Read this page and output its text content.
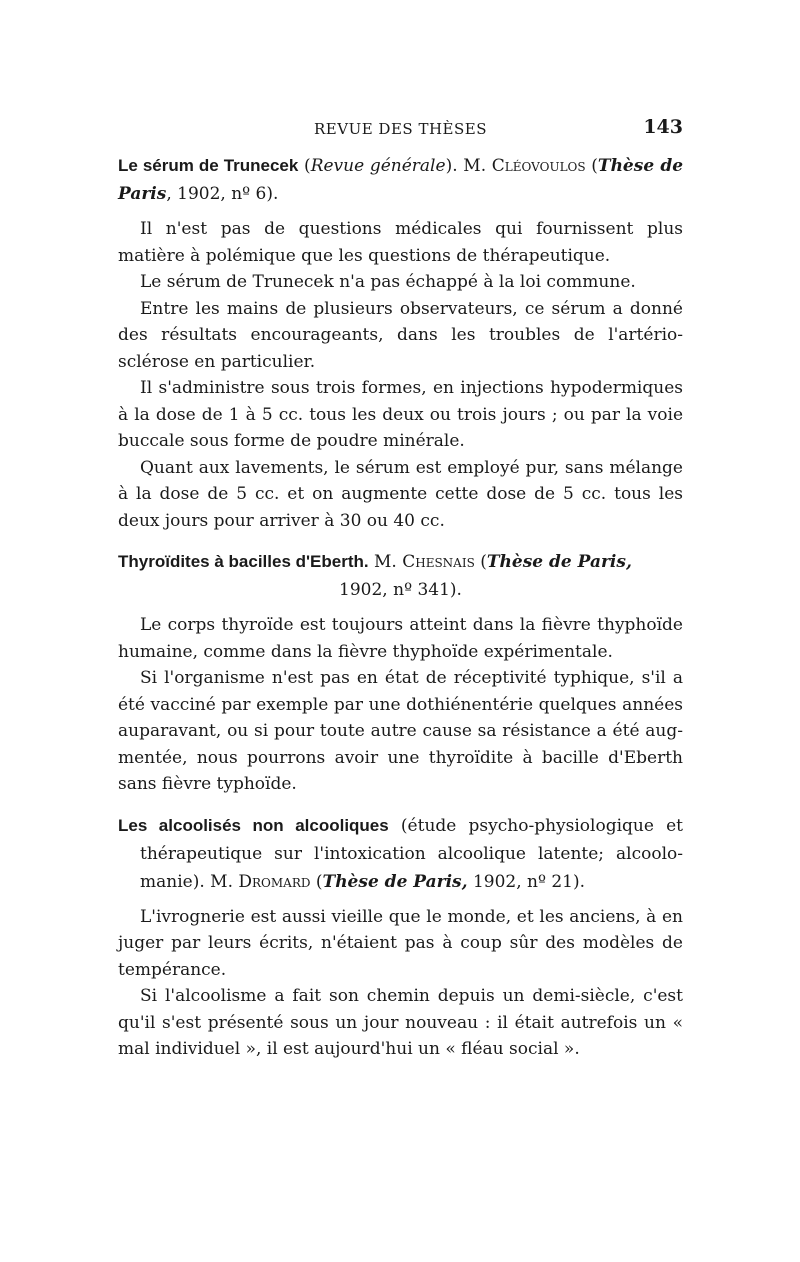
REVUE DES THÈSES	143
Le sérum de Trunecek (Revue générale). M. Cléovoulos (Thèse de Paris, 1902, nº 6).

Il n'est pas de questions médicales qui fournissent plus matière à polémique que les questions de thérapeutique.

Le sérum de Trunecek n'a pas échappé à la loi commune.

Entre les mains de plusieurs observateurs, ce sérum a donné des résultats encourageants, dans les troubles de l'artério-sclérose en particulier.

Il s'administre sous trois formes, en injections hypodermiques à la dose de 1 à 5 cc. tous les deux ou trois jours ; ou par la voie buccale sous forme de poudre minérale.

Quant aux lavements, le sérum est employé pur, sans mélange à la dose de 5 cc. et on augmente cette dose de 5 cc. tous les deux jours pour arriver à 30 ou 40 cc.

Thyroïdites à bacilles d'Eberth. M. Chesnais (Thèse de Paris,
1902, nº 341).

Le corps thyroïde est toujours atteint dans la fièvre thyphoïde humaine, comme dans la fièvre thyphoïde expérimentale.

Si l'organisme n'est pas en état de réceptivité typhique, s'il a été vacciné par exemple par une dothiénentérie quelques années auparavant, ou si pour toute autre cause sa résistance a été augmentée, nous pourrons avoir une thyroïdite à bacille d'Eberth sans fièvre typhoïde.

Les alcoolisés non alcooliques (étude psycho-physiologique et thérapeutique sur l'intoxication alcoolique latente; alcoolomanie). M. Dromard (Thèse de Paris, 1902, nº 21).

L'ivrognerie est aussi vieille que le monde, et les anciens, à en juger par leurs écrits, n'étaient pas à coup sûr des modèles de tempérance.

Si l'alcoolisme a fait son chemin depuis un demi-siècle, c'est qu'il s'est présenté sous un jour nouveau : il était autrefois un « mal individuel », il est aujourd'hui un « fléau social ».
